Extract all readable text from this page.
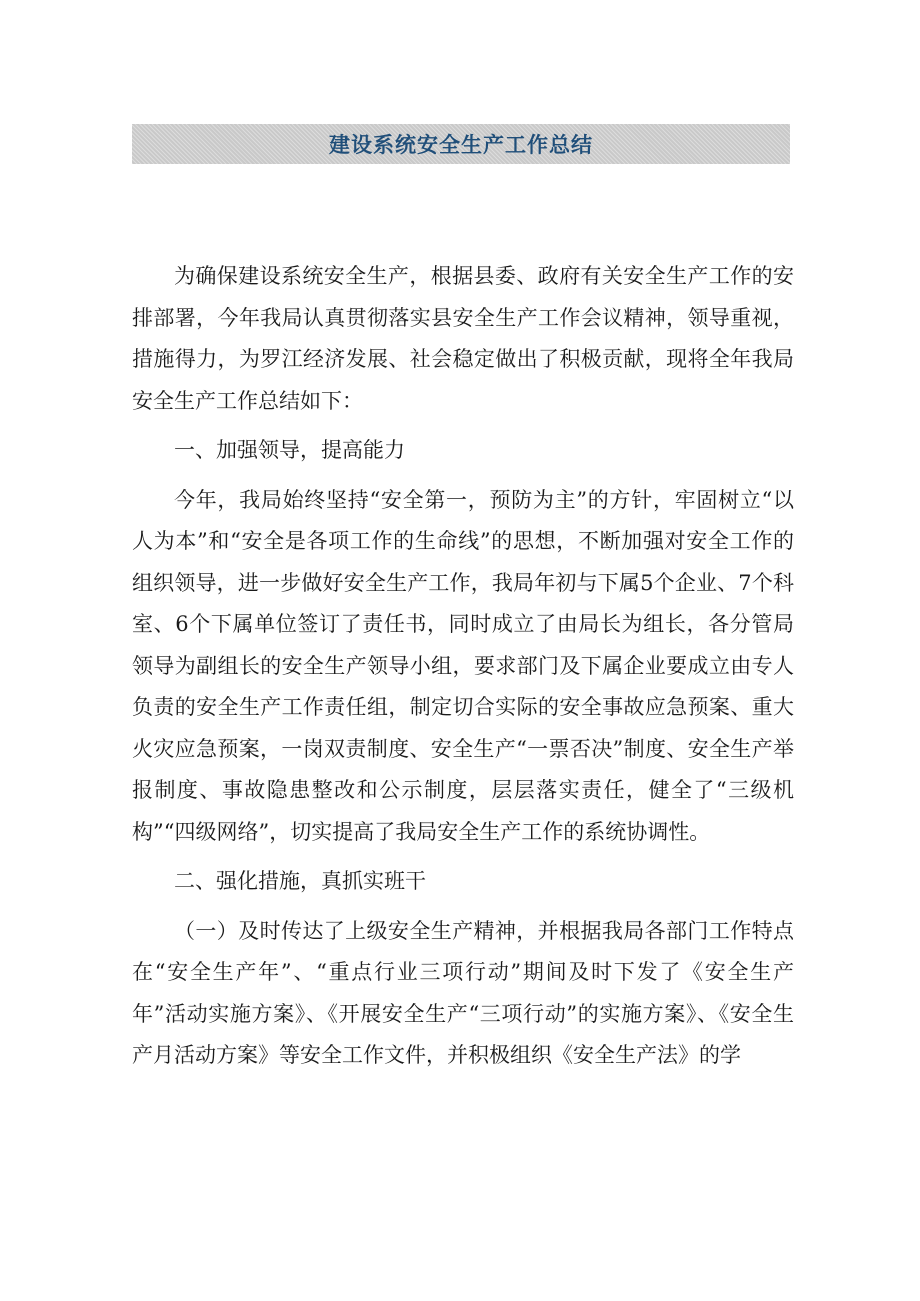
建设系统安全生产工作总结

为确保建设系统安全生产，根据县委、政府有关安全生产工作的安排部署，今年我局认真贯彻落实县安全生产工作会议精神，领导重视，措施得力，为罗江经济发展、社会稳定做出了积极贡献，现将全年我局安全生产工作总结如下：

一、加强领导，提高能力

今年，我局始终坚持“安全第一，预防为主”的方针，牢固树立“以人为本”和“安全是各项工作的生命线”的思想，不断加强对安全工作的组织领导，进一步做好安全生产工作，我局年初与下属5个企业、7个科室、6个下属单位签订了责任书，同时成立了由局长为组长，各分管局领导为副组长的安全生产领导小组，要求部门及下属企业要成立由专人负责的安全生产工作责任组，制定切合实际的安全事故应急预案、重大火灾应急预案，一岗双责制度、安全生产“一票否决”制度、安全生产举报制度、事故隐患整改和公示制度，层层落实责任，健全了“三级机构”“四级网络”，切实提高了我局安全生产工作的系统协调性。

二、强化措施，真抓实班干

（一）及时传达了上级安全生产精神，并根据我局各部门工作特点在“安全生产年”、“重点行业三项行动”期间及时下发了《安全生产年”活动实施方案》、《开展安全生产“三项行动”的实施方案》、《安全生产月活动方案》等安全工作文件，并积极组织《安全生产法》的学
